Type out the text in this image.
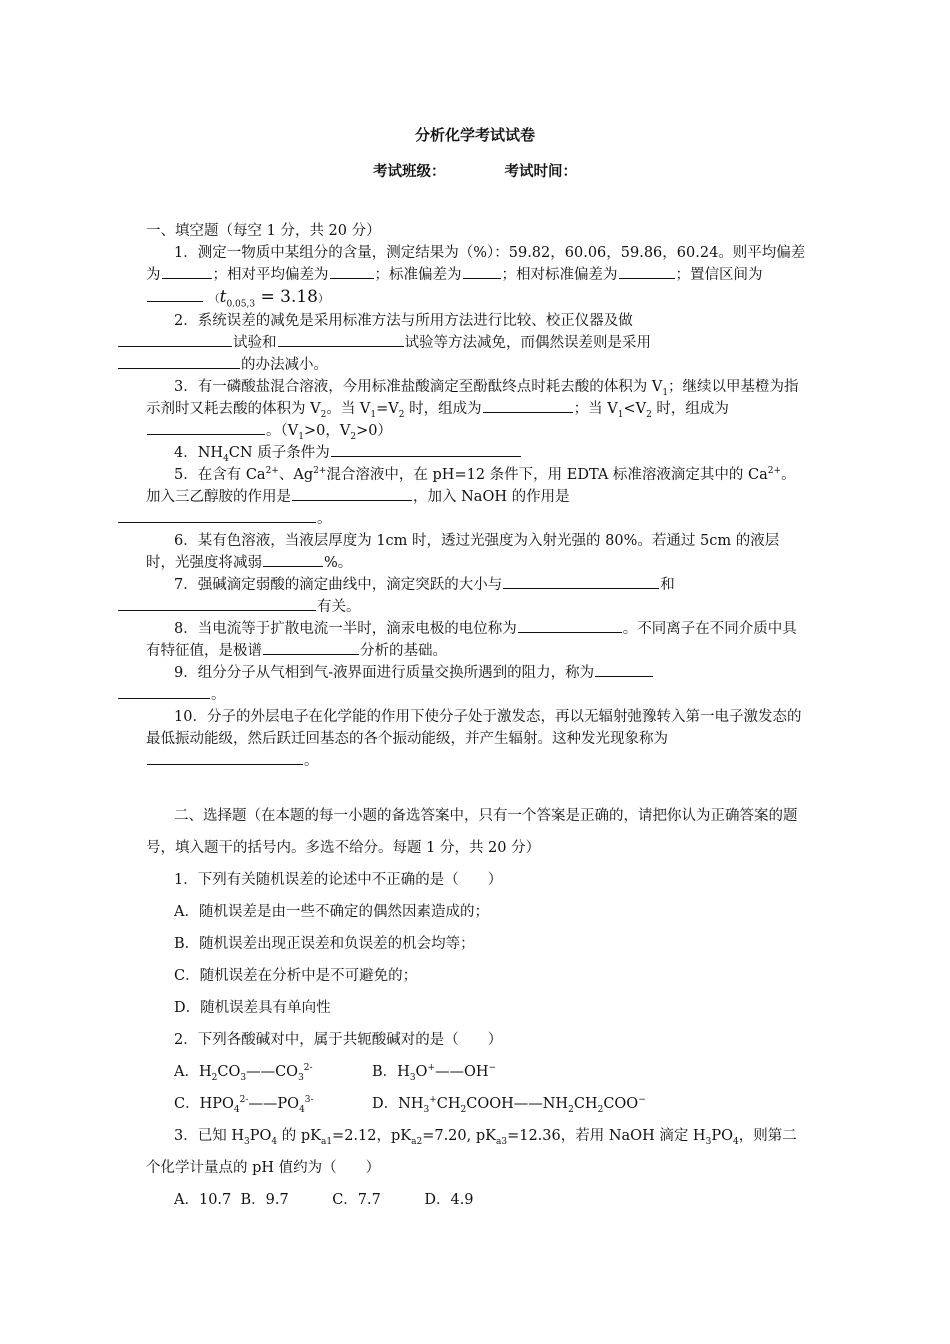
分析化学考试试卷
考试班级：	考试时间：

一、填空题（每空 1 分，共 20 分）

1．测定一物质中某组分的含量，测定结果为（%）：59.82，60.06，59.86，60.24。则平均偏差为	；相对平均偏差为	；标准偏差为	；相对标准偏差为	；置信区间为 $(t_{0.05,3} = 3.18)$

2．系统误差的减免是采用标准方法与所用方法进行比较、校正仪器及做
试验和	试验等方法减免，而偶然误差则是采用
的办法减小。

3．有一磷酸盐混合溶液，今用标准盐酸滴定至酚酞终点时耗去酸的体积为 $V_1$；继续以甲基橙为指示剂时又耗去酸的体积为 $V_2$。当 $V_1=V_2$ 时，组成为	；当 $V_1<V_2$ 时，组成为。（$V_1>0$，$V_2>0$）

4．$NH_4CN$ 质子条件为

5．在含有 $Ca^{2+}$、$Ag^{2+}$混合溶液中，在 pH=12 条件下，用 EDTA 标准溶液滴定其中的 $Ca^{2+}$。加入三乙醇胺的作用是	，加入 NaOH 的作用是
。

6．某有色溶液，当液层厚度为 1cm 时，透过光强度为入射光强的 80%。若通过 5cm 的液层时，光强度将减弱	%。

7．强碱滴定弱酸的滴定曲线中，滴定突跃的大小与	和
有关。

8．当电流等于扩散电流一半时，滴汞电极的电位称为	。不同离子在不同介质中具有特征值，是极谱	分析的基础。

9．组分分子从气相到气-液界面进行质量交换所遇到的阻力，称为
。

10．分子的外层电子在化学能的作用下使分子处于激发态，再以无辐射弛豫转入第一电子激发态的最低振动能级，然后跃迁回基态的各个振动能级，并产生辐射。这种发光现象称为。

二、选择题（在本题的每一小题的备选答案中，只有一个答案是正确的，请把你认为正确答案的题号，填入题干的括号内。多选不给分。每题 1 分，共 20 分）

1．下列有关随机误差的论述中不正确的是（　　）

A．随机误差是由一些不确定的偶然因素造成的；

B．随机误差出现正误差和负误差的机会均等；

C．随机误差在分析中是不可避免的；

D．随机误差具有单向性

2．下列各酸碱对中，属于共轭酸碱对的是（　　）

A．$H_2CO_3——CO_3^{2-}$	B．$H_3O^+——OH^-$
C．$HPO_4^{2-}——PO_4^{3-}$	D．$NH_3^+CH_2COOH——NH_2CH_2COO^-$

3．已知 $H_3PO_4$ 的 $pK_{a1}=2.12$，$pK_{a2}=7.20$, $pK_{a3}=12.36$，若用 NaOH 滴定 $H_3PO_4$，则第二个化学计量点的 pH 值约为（　　）

A．10.7  B．9.7　　　C．7.7　　　D．4.9
